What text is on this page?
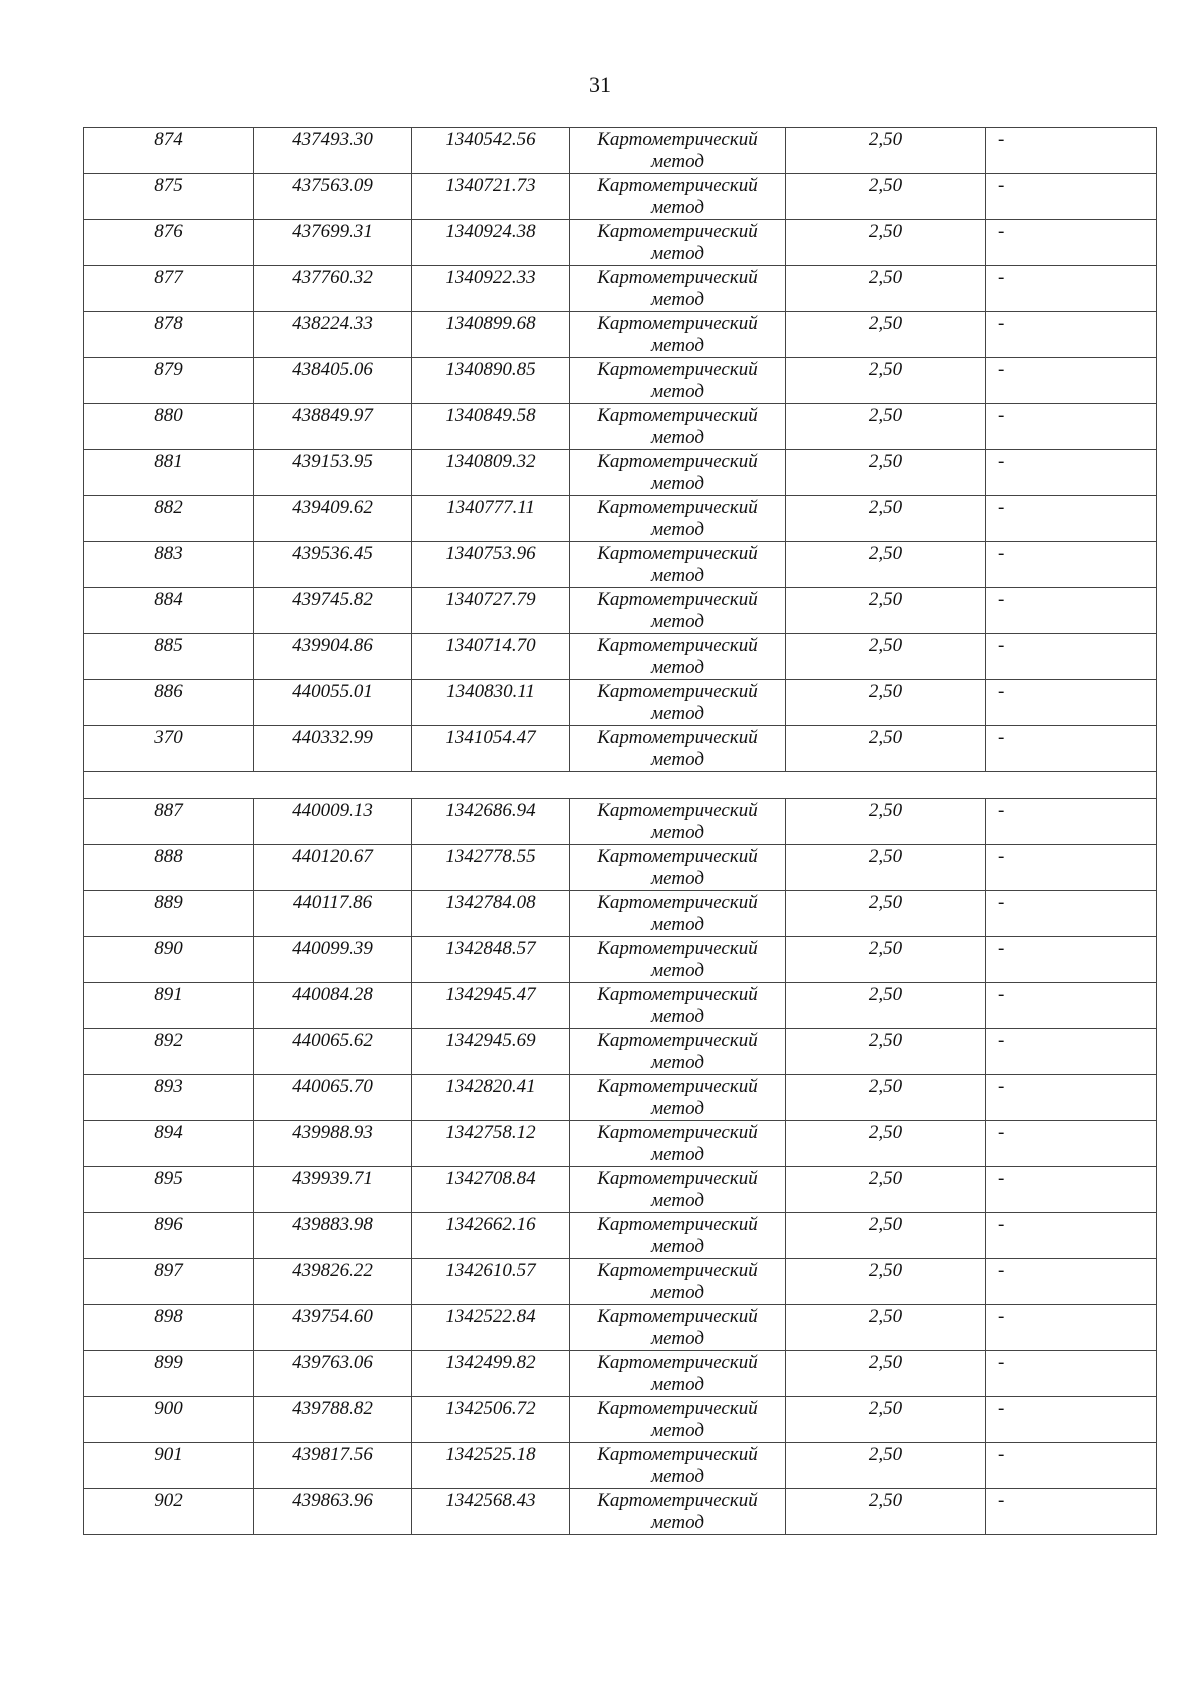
31
874	437493.30	1340542.56	Картометрический метод	2,50	-
875	437563.09	1340721.73	Картометрический метод	2,50	-
876	437699.31	1340924.38	Картометрический метод	2,50	-
877	437760.32	1340922.33	Картометрический метод	2,50	-
878	438224.33	1340899.68	Картометрический метод	2,50	-
879	438405.06	1340890.85	Картометрический метод	2,50	-
880	438849.97	1340849.58	Картометрический метод	2,50	-
881	439153.95	1340809.32	Картометрический метод	2,50	-
882	439409.62	1340777.11	Картометрический метод	2,50	-
883	439536.45	1340753.96	Картометрический метод	2,50	-
884	439745.82	1340727.79	Картометрический метод	2,50	-
885	439904.86	1340714.70	Картометрический метод	2,50	-
886	440055.01	1340830.11	Картометрический метод	2,50	-
370	440332.99	1341054.47	Картометрический метод	2,50	-

887	440009.13	1342686.94	Картометрический метод	2,50	-
888	440120.67	1342778.55	Картометрический метод	2,50	-
889	440117.86	1342784.08	Картометрический метод	2,50	-
890	440099.39	1342848.57	Картометрический метод	2,50	-
891	440084.28	1342945.47	Картометрический метод	2,50	-
892	440065.62	1342945.69	Картометрический метод	2,50	-
893	440065.70	1342820.41	Картометрический метод	2,50	-
894	439988.93	1342758.12	Картометрический метод	2,50	-
895	439939.71	1342708.84	Картометрический метод	2,50	-
896	439883.98	1342662.16	Картометрический метод	2,50	-
897	439826.22	1342610.57	Картометрический метод	2,50	-
898	439754.60	1342522.84	Картометрический метод	2,50	-
899	439763.06	1342499.82	Картометрический метод	2,50	-
900	439788.82	1342506.72	Картометрический метод	2,50	-
901	439817.56	1342525.18	Картометрический метод	2,50	-
902	439863.96	1342568.43	Картометрический метод	2,50	-
